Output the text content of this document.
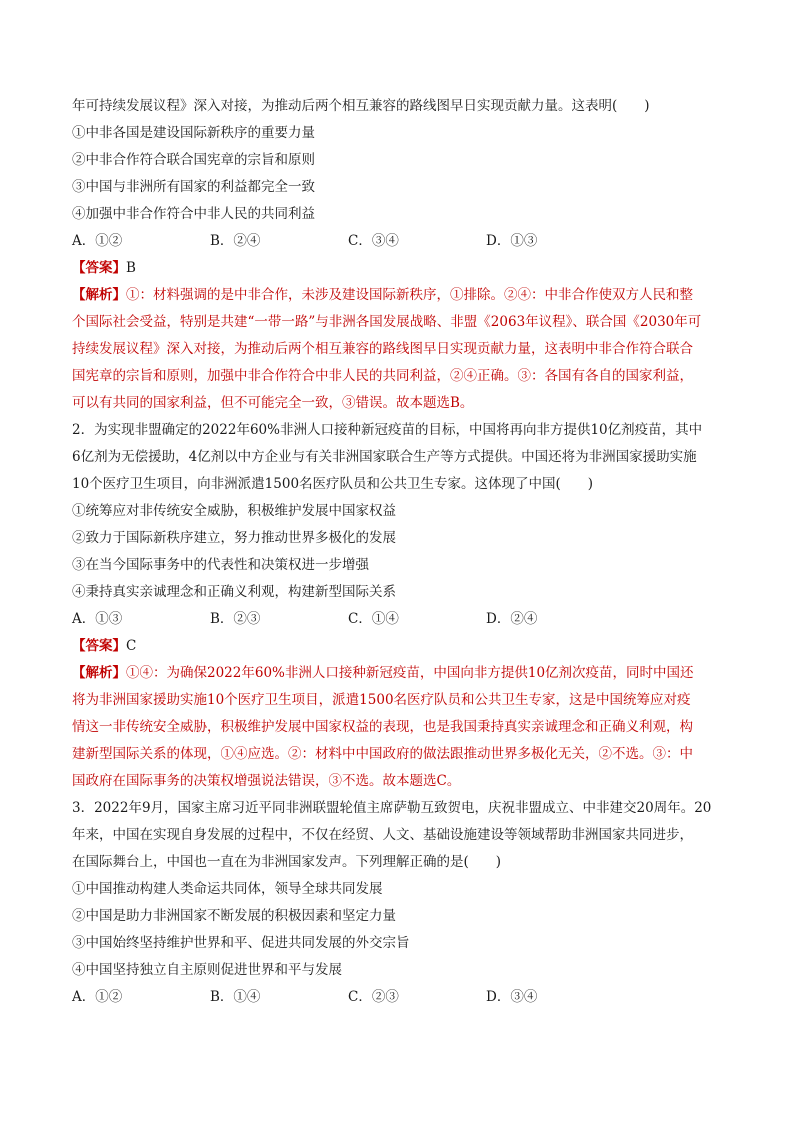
年可持续发展议程》深入对接，为推动后两个相互兼容的路线图早日实现贡献力量。这表明(　　)
①中非各国是建设国际新秩序的重要力量
②中非合作符合联合国宪章的宗旨和原则
③中国与非洲所有国家的利益都完全一致
④加强中非合作符合中非人民的共同利益
A．①②	B．②④	C．③④	D．①③
【答案】B
【解析】①：材料强调的是中非合作，未涉及建设国际新秩序，①排除。②④：中非合作使双方人民和整
个国际社会受益，特别是共建“一带一路”与非洲各国发展战略、非盟《2063年议程》、联合国《2030年可
持续发展议程》深入对接，为推动后两个相互兼容的路线图早日实现贡献力量，这表明中非合作符合联合
国宪章的宗旨和原则，加强中非合作符合中非人民的共同利益，②④正确。③：各国有各自的国家利益，
可以有共同的国家利益，但不可能完全一致，③错误。故本题选B。
2．为实现非盟确定的2022年60%非洲人口接种新冠疫苗的目标，中国将再向非方提供10亿剂疫苗，其中
6亿剂为无偿援助，4亿剂以中方企业与有关非洲国家联合生产等方式提供。中国还将为非洲国家援助实施
10个医疗卫生项目，向非洲派遣1500名医疗队员和公共卫生专家。这体现了中国(　　)
①统筹应对非传统安全威胁，积极维护发展中国家权益
②致力于国际新秩序建立，努力推动世界多极化的发展
③在当今国际事务中的代表性和决策权进一步增强
④秉持真实亲诚理念和正确义利观，构建新型国际关系
A．①③	B．②③	C．①④	D．②④
【答案】C
【解析】①④：为确保2022年60%非洲人口接种新冠疫苗，中国向非方提供10亿剂次疫苗，同时中国还
将为非洲国家援助实施10个医疗卫生项目，派遣1500名医疗队员和公共卫生专家，这是中国统筹应对疫
情这一非传统安全威胁，积极维护发展中国家权益的表现，也是我国秉持真实亲诚理念和正确义利观，构
建新型国际关系的体现，①④应选。②：材料中中国政府的做法跟推动世界多极化无关，②不选。③：中
国政府在国际事务的决策权增强说法错误，③不选。故本题选C。
3．2022年9月，国家主席习近平同非洲联盟轮值主席萨勒互致贺电，庆祝非盟成立、中非建交20周年。20
年来，中国在实现自身发展的过程中，不仅在经贸、人文、基础设施建设等领域帮助非洲国家共同进步，
在国际舞台上，中国也一直在为非洲国家发声。下列理解正确的是(　　)
①中国推动构建人类命运共同体，领导全球共同发展
②中国是助力非洲国家不断发展的积极因素和坚定力量
③中国始终坚持维护世界和平、促进共同发展的外交宗旨
④中国坚持独立自主原则促进世界和平与发展
A．①②	B．①④	C．②③	D．③④
